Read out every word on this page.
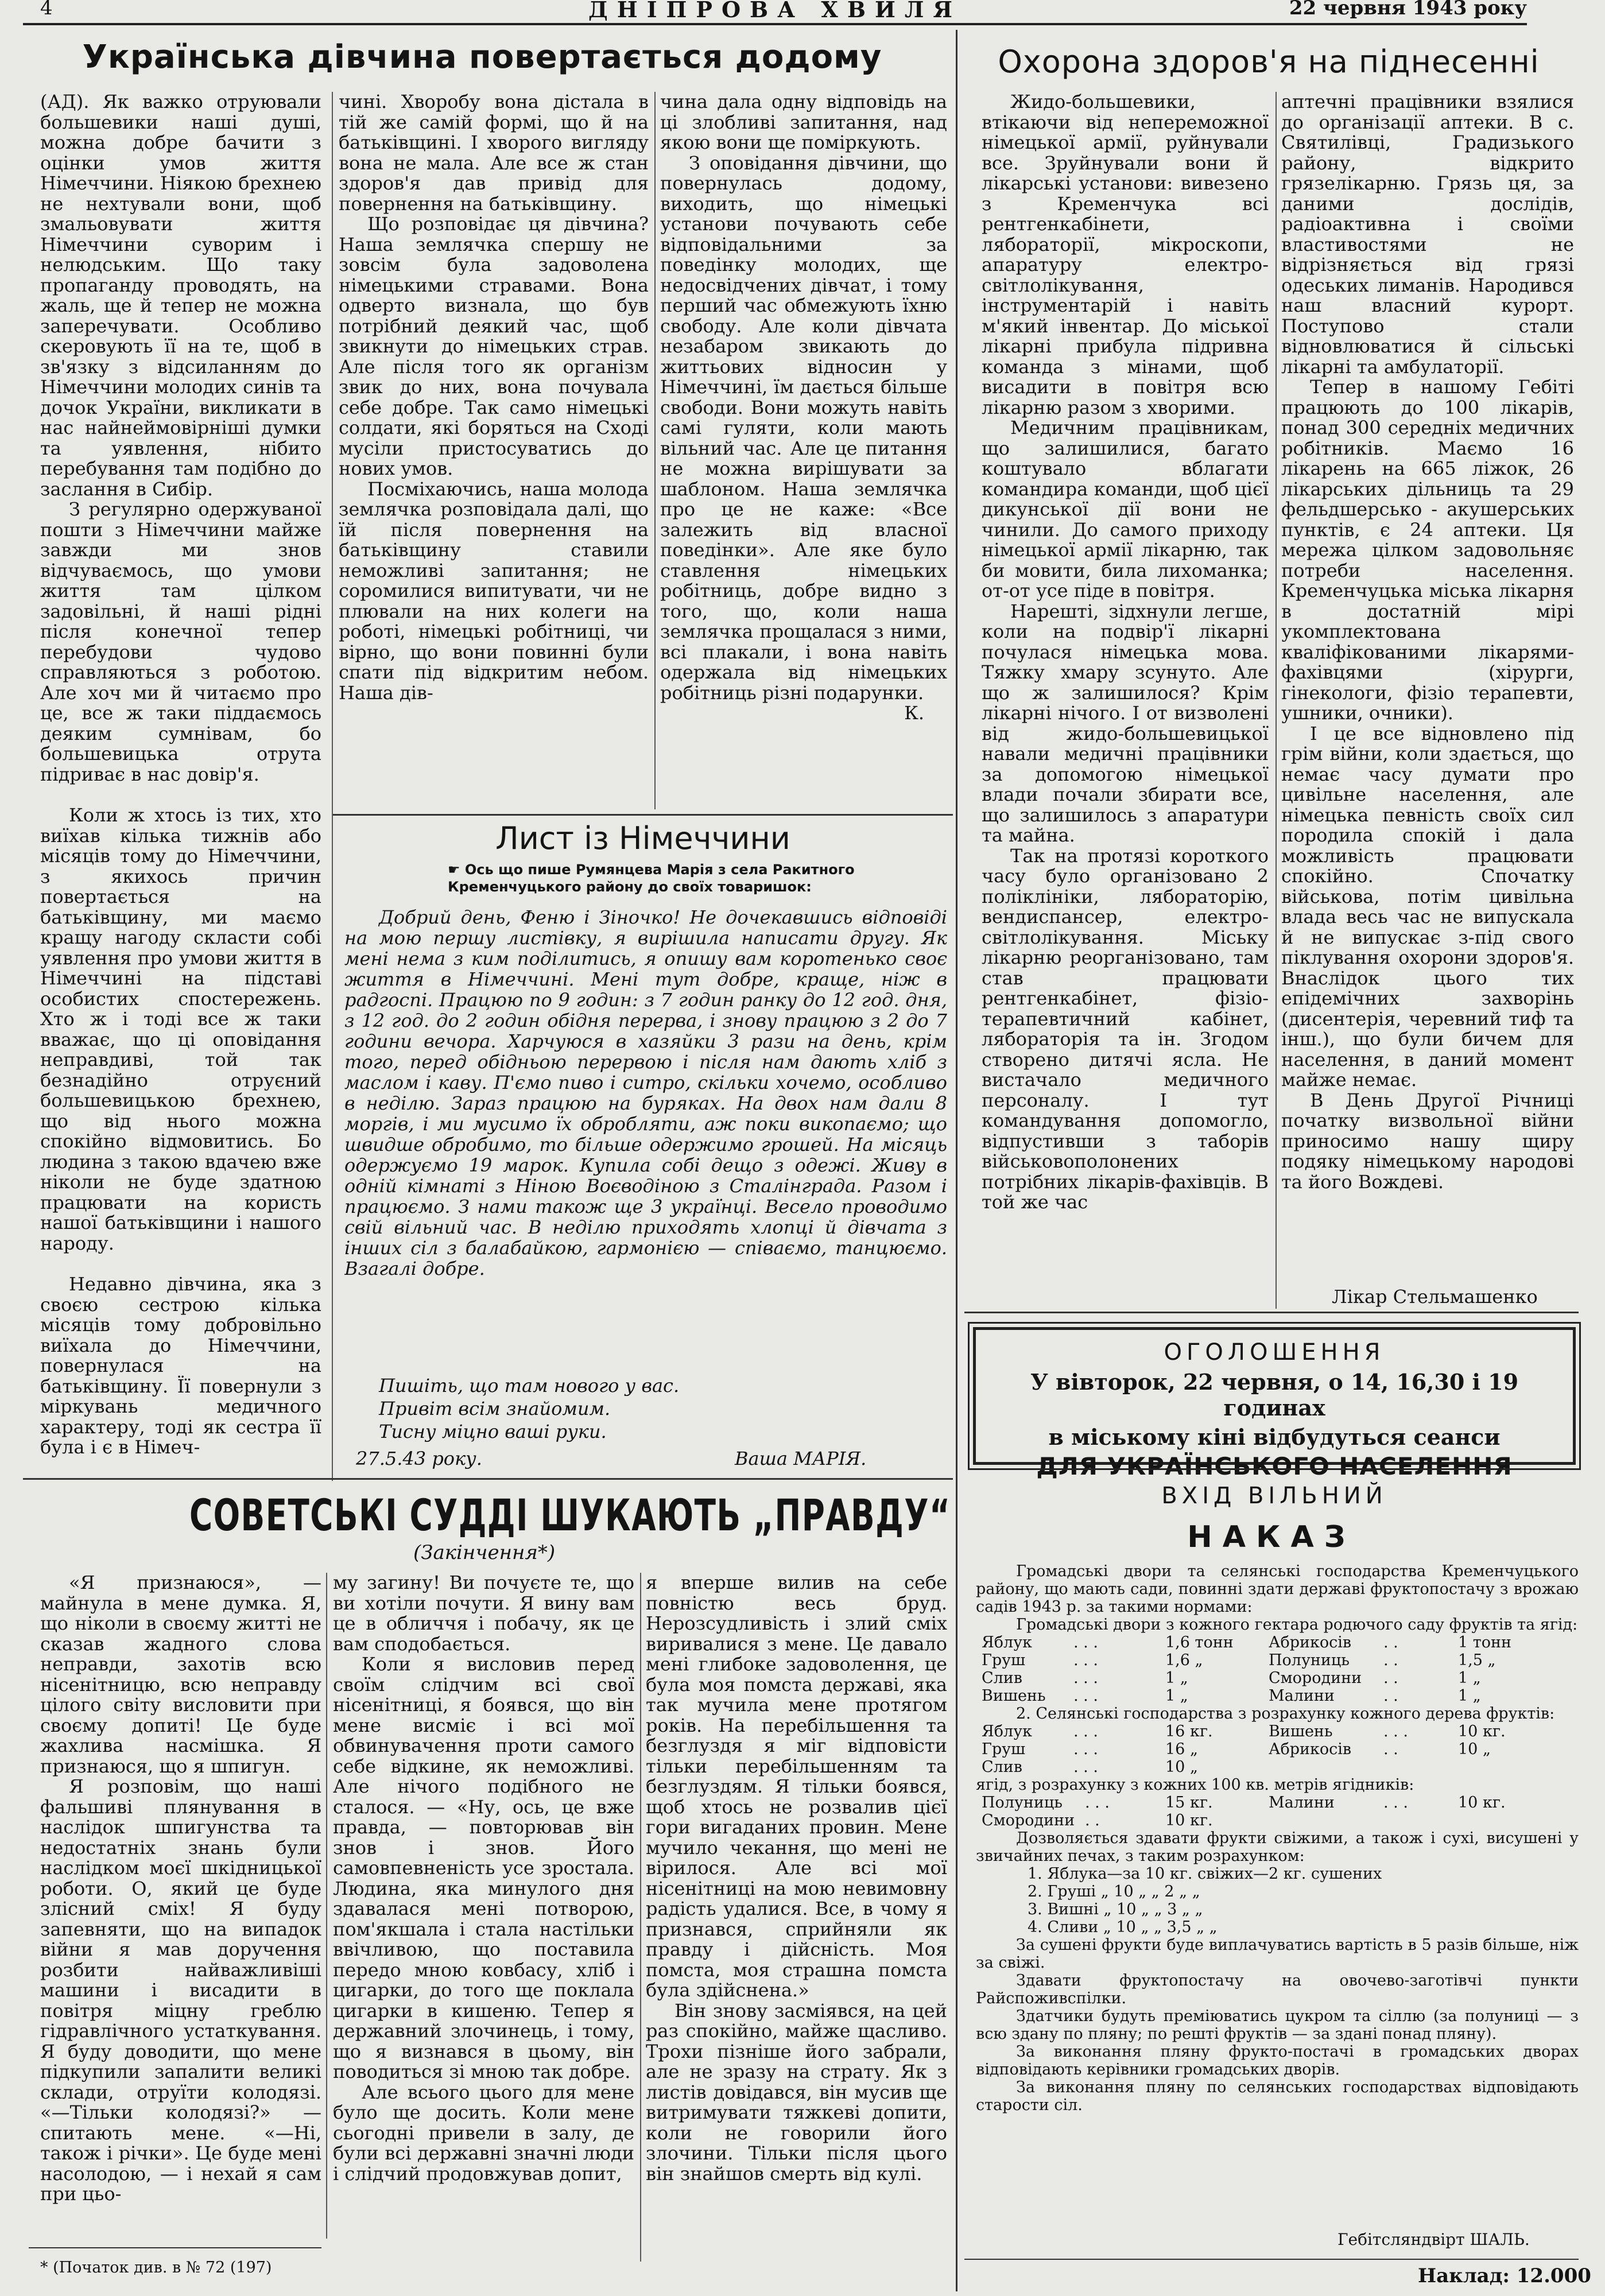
4	ДНІПРОВА ХВИЛЯ	22 червня 1943 року
Українська дівчина повертається додому

(АД). Як важко отруювали большевики наші душі, можна добре бачити з оцінки умов життя Німеччини. Ніякою брехнею не нехтували вони, щоб змальовувати життя Німеччини суворим і нелюдським. Що таку пропаганду проводять, на жаль, ще й тепер не можна заперечувати. Особливо скеровують її на те, щоб в зв'язку з відсиланням до Німеччини молодих синів та дочок України, викликати в нас найнеймовірніші думки та уявлення, нібито перебування там подібно до заслання в Сибір.

З регулярно одержуваної пошти з Німеччини майже завжди ми знов відчуваємось, що умови життя там цілком задовільні, й наші рідні після конечної тепер перебудови чудово справляються з роботою. Але хоч ми й читаємо про це, все ж таки піддаємось деяким сумнівам, бо большевицька отрута підриває в нас довір'я.

Коли ж хтось із тих, хто виїхав кілька тижнів або місяців тому до Німеччини, з якихось причин повертається на батьківщину, ми маємо кращу нагоду скласти собі уявлення про умови життя в Німеччині на підставі особистих спостережень. Хто ж і тоді все ж таки вважає, що ці оповідання неправдиві, той так безнадійно отруєний большевицькою брехнею, що від нього можна спокійно відмовитись. Бо людина з такою вдачею вже ніколи не буде здатною працювати на користь нашої батьківщини і нашого народу.

Недавно дівчина, яка з своєю сестрою кілька місяців тому добровільно виїхала до Німеччини, повернулася на батьківщину. Її повернули з міркувань медичного характеру, тоді як сестра її була і є в Німеч-

чині. Хворобу вона дістала в тій же самій формі, що й на батьківщині. І хворого вигляду вона не мала. Але все ж стан здоров'я дав привід для повернення на батьківщину.

Що розповідає ця дівчина? Наша землячка спершу не зовсім була задоволена німецькими стравами. Вона одверто визнала, що був потрібний деякий час, щоб звикнути до німецьких страв. Але після того як організм звик до них, вона почувала себе добре. Так само німецькі солдати, які боряться на Сході мусіли пристосуватись до нових умов.

Посміхаючись, наша молода землячка розповідала далі, що їй після повернення на батьківщину ставили неможливі запитання; не соромилися випитувати, чи не плювали на них колеги на роботі, німецькі робітниці, чи вірно, що вони повинні були спати під відкритим небом. Наша дів-

чина дала одну відповідь на ці злобливі запитання, над якою вони ще поміркують.

З оповідання дівчини, що повернулась додому, виходить, що німецькі установи почувають себе відповідальними за поведінку молодих, ще недосвідчених дівчат, і тому перший час обмежують їхню свободу. Але коли дівчата незабаром звикають до життьових відносин у Німеччині, їм дається більше свободи. Вони можуть навіть самі гуляти, коли мають вільний час. Але це питання не можна вирішувати за шаблоном. Наша землячка про це не каже: «Все залежить від власної поведінки». Але яке було ставлення німецьких робітниць, добре видно з того, що, коли наша землячка прощалася з ними, всі плакали, і вона навіть одержала від німецьких робітниць різні подарунки.

К.

Лист із Німеччини
☛ Ось що пише Румянцева Марія з села Ракитного Кременчуцького району до своїх товаришок:

Добрий день, Феню і Зіночко! Не дочекавшись відповіді на мою першу листівку, я вирішила написати другу. Як мені нема з ким поділитись, я опишу вам коротенько своє життя в Німеччині. Мені тут добре, краще, ніж в радгоспі. Працюю по 9 годин: з 7 годин ранку до 12 год. дня, з 12 год. до 2 годин обідня перерва, і знову працюю з 2 до 7 години вечора. Харчуюся в хазяйки 3 рази на день, крім того, перед обідньою перервою і після нам дають хліб з маслом і каву. П'ємо пиво і ситро, скільки хочемо, особливо в неділю. Зараз працюю на буряках. На двох нам дали 8 моргів, і ми мусимо їх обробляти, аж поки викопаємо; що швидше обробимо, то більше одержимо грошей. На місяць одержуємо 19 марок. Купила собі дещо з одежі. Живу в одній кімнаті з Ніною Воєводіною з Сталінграда. Разом і працюємо. З нами також ще 3 українці. Весело проводимо свій вільний час. В неділю приходять хлопці й дівчата з інших сіл з балабайкою, гармонією — співаємо, танцюємо. Взагалі добре.

Пишіть, що там нового у вас.
Привіт всім знайомим.
Тисну міцно ваші руки.
27.5.43 року.	Ваша МАРІЯ.
СОВЕТСЬКІ СУДДІ ШУКАЮТЬ „ПРАВДУ“
(Закінчення*)

«Я признаюся», — майнула в мене думка. Я, що ніколи в своєму житті не сказав жадного слова неправди, захотів всю нісенітницю, всю неправду цілого світу висловити при своєму допиті! Це буде жахлива насмішка. Я признаюся, що я шпигун.

Я розповім, що наші фальшиві плянування в наслідок шпигунства та недостатніх знань були наслідком моєї шкідницької роботи. О, який це буде злісний сміх! Я буду запевняти, що на випадок війни я мав доручення розбити найважливіші машини і висадити в повітря міцну греблю гідравлічного устаткування. Я буду доводити, що мене підкупили запалити великі склади, отруїти колодязі. «—Тільки колодязі?» — спитають мене. «—Ні, також і річки». Це буде мені насолодою, — і нехай я сам при цьо-

му загину! Ви почуєте те, що ви хотіли почути. Я вину вам це в обличчя і побачу, як це вам сподобається.

Коли я висловив перед своїм слідчим всі свої нісенітниці, я боявся, що він мене висміє і всі мої обвинувачення проти самого себе відкине, як неможливі. Але нічого подібного не сталося. — «Ну, ось, це вже правда, — повторював він знов і знов. Його самовпевненість усе зростала. Людина, яка минулого дня здавалася мені потворою, пом'якшала і стала настільки ввічливою, що поставила передо мною ковбасу, хліб і цигарки, до того ще поклала цигарки в кишеню. Тепер я державний злочинець, і тому, що я визнався в цьому, він поводиться зі мною так добре.

Але всього цього для мене було ще досить. Коли мене сьогодні привели в залу, де були всі державні значні люди і слідчий продовжував допит,

я вперше вилив на себе повністю весь бруд. Нерозсудливість і злий сміх виривалися з мене. Це давало мені глибоке задоволення, це була моя помста державі, яка так мучила мене протягом років. На перебільшення та безглуздя я міг відповісти тільки перебільшенням та безглуздям. Я тільки боявся, щоб хтось не розвалив цієї гори вигаданих провин. Мене мучило чекання, що мені не вірилося. Але всі мої нісенітниці на мою невимовну радість удалися. Все, в чому я признався, сприйняли як правду і дійсність. Моя помста, моя страшна помста була здійснена.»

Він знову засміявся, на цей раз спокійно, майже щасливо. Трохи пізніше його забрали, але не зразу на страту. Як з листів довідався, він мусив ще витримувати тяжкеві допити, коли не говорили його злочини. Тільки після цього він знайшов смерть від кулі.

* (Початок див. в № 72 (197)
Охорона здоров'я на піднесенні

Жидо-большевики, втікаючи від непереможної німецької армії, руйнували все. Зруйнували вони й лікарські установи: вивезено з Кременчука всі рентгенкабінети, лябораторії, мікроскопи, апаратуру електро-світлолікування, інструментарій і навіть м'який інвентар. До міської лікарні прибула підривна команда з мінами, щоб висадити в повітря всю лікарню разом з хворими.

Медичним працівникам, що залишилися, багато коштувало вблагати командира команди, щоб цієї дикунської дії вони не чинили. До самого приходу німецької армії лікарню, так би мовити, била лихоманка; от-от усе піде в повітря.

Нарешті, зідхнули легше, коли на подвір'ї лікарні почулася німецька мова. Тяжку хмару зсунуто. Але що ж залишилося? Крім лікарні нічого. І от визволені від жидо-большевицької навали медичні працівники за допомогою німецької влади почали збирати все, що залишилось з апаратури та майна.

Так на протязі короткого часу було організовано 2 поліклініки, лябораторію, вендиспансер, електро-світлолікування. Міську лікарню реорганізовано, там став працювати рентгенкабінет, фізіо-терапевтичний кабінет, лябораторія та ін. Згодом створено дитячі ясла. Не вистачало медичного персоналу. І тут командування допомогло, відпустивши з таборів військовополонених потрібних лікарів-фахівців. В той же час

аптечні працівники взялися до організації аптеки. В с. Святилівці, Градизького району, відкрито грязелікарню. Грязь ця, за даними дослідів, радіоактивна і своїми властивостями не відрізняється від грязі одеських лиманів. Народився наш власний курорт. Поступово стали відновлюватися й сільські лікарні та амбулаторії.

Тепер в нашому Гебіті працюють до 100 лікарів, понад 300 середніх медичних робітників. Маємо 16 лікарень на 665 ліжок, 26 лікарських дільниць та 29 фельдшерсько - акушерських пунктів, є 24 аптеки. Ця мережа цілком задовольняє потреби населення. Кременчуцька міська лікарня в достатній мірі укомплектована кваліфікованими лікарями-фахівцями (хірурги, гінекологи, фізіо терапевти, ушники, очники).

І це все відновлено під грім війни, коли здається, що немає часу думати про цивільне населення, але німецька певність своїх сил породила спокій і дала можливість працювати спокійно. Спочатку військова, потім цивільна влада весь час не випускала й не випускає з-під свого піклування охорони здоров'я. Внаслідок цього тих епідемічних захворінь (дисентерія, черевний тиф та інш.), що були бичем для населення, в даний момент майже немає.

В День Другої Річниці початку визвольної війни приносимо нашу щиру подяку німецькому народові та його Вождеві.

Лікар Стельмашенко
ОГОЛОШЕННЯ
У вівторок, 22 червня, о 14, 16,30 і 19 годинах
в міському кіні відбудуться сеанси
ДЛЯ УКРАЇНСЬКОГО НАСЕЛЕННЯ
ВХІД ВІЛЬНИЙ
НАКАЗ

Громадські двори та селянські господарства Кременчуцького району, що мають сади, повинні здати державі фруктопостачу з врожаю садів 1943 р. за такими нормами:

Громадські двори з кожного гектара родючого саду фруктів та ягід:

Яблук	. . .	1,6 тонн	Абрикосів	. .	1 тонн
Груш	. . .	1,6 „	Полуниць	. .	1,5 „
Слив	. . .	1 „	Смородини	. .	1 „
Вишень	. . .	1 „	Малини	. .	1 „

2. Селянські господарства з розрахунку кожного дерева фруктів:

Яблук	. . .	16 кг.	Вишень	. . .	10 кг.
Груш	. . .	16 „	Абрикосів	. .	10 „
Слив	. . .	10 „

ягід, з розрахунку з кожних 100 кв. метрів ягідників:

Полуниць	. . .	15 кг.	Малини	. . .	10 кг.
Смородини . .	10 кг.

Дозволяється здавати фрукти свіжими, а також і сухі, висушені у звичайних печах, з таким розрахунком:

1. Яблука—за 10 кг. свіжих—2 кг. сушених
2. Груші „ 10 „ „ 2 „ „
3. Вишні „ 10 „ „ 3 „ „
4. Сливи „ 10 „ „ 3,5 „ „

За сушені фрукти буде виплачуватись вартість в 5 разів більше, ніж за свіжі.

Здавати фруктопостачу на овочево-заготівчі пункти Райспоживспілки.

Здатчики будуть преміюватись цукром та сіллю (за полуниці — з всю здану по пляну; по решті фруктів — за здані понад пляну).

За виконання пляну фрукто-постачі в громадських дворах відповідають керівники громадських дворів.

За виконання пляну по селянських господарствах відповідають старости сіл.

Гебітсляндвірт ШАЛЬ.
Наклад: 12.000
